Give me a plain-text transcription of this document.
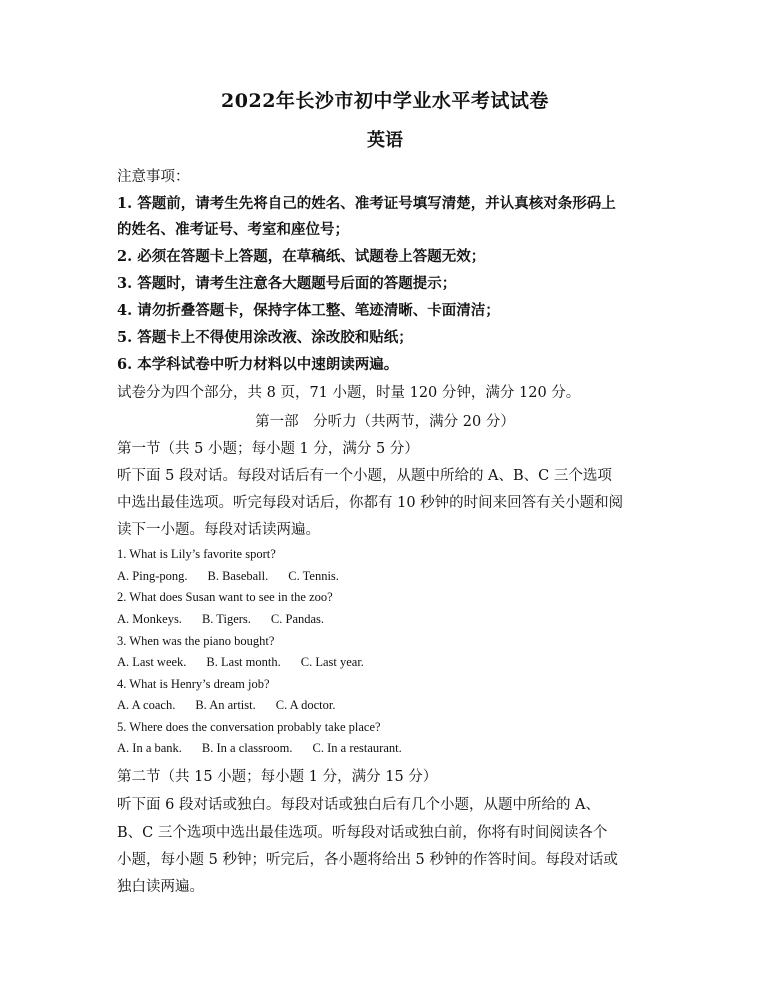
2022年长沙市初中学业水平考试试卷
英语
注意事项：
1. 答题前，请考生先将自己的姓名、准考证号填写清楚，并认真核对条形码上
的姓名、准考证号、考室和座位号；
2. 必须在答题卡上答题，在草稿纸、试题卷上答题无效；
3. 答题时，请考生注意各大题题号后面的答题提示；
4. 请勿折叠答题卡，保持字体工整、笔迹清晰、卡面清洁；
5. 答题卡上不得使用涂改液、涂改胶和贴纸；
6. 本学科试卷中听力材料以中速朗读两遍。
试卷分为四个部分，共 8 页，71 小题，时量 120 分钟，满分 120 分。
第一部　分听力（共两节，满分 20 分）
第一节（共 5 小题；每小题 1 分，满分 5 分）
听下面 5 段对话。每段对话后有一个小题，从题中所给的 A、B、C 三个选项
中选出最佳选项。听完每段对话后，你都有 10 秒钟的时间来回答有关小题和阅
读下一小题。每段对话读两遍。
1. What is Lily’s favorite sport?
A. Ping-pong. B. Baseball. C. Tennis.
2. What does Susan want to see in the zoo?
A. Monkeys. B. Tigers. C. Pandas.
3. When was the piano bought?
A. Last week. B. Last month. C. Last year.
4. What is Henry’s dream job?
A. A coach. B. An artist. C. A doctor.
5. Where does the conversation probably take place?
A. In a bank. B. In a classroom. C. In a restaurant.
第二节（共 15 小题；每小题 1 分，满分 15 分）
听下面 6 段对话或独白。每段对话或独白后有几个小题，从题中所给的 A、
B、C 三个选项中选出最佳选项。听每段对话或独白前，你将有时间阅读各个
小题，每小题 5 秒钟；听完后，各小题将给出 5 秒钟的作答时间。每段对话或
独白读两遍。
